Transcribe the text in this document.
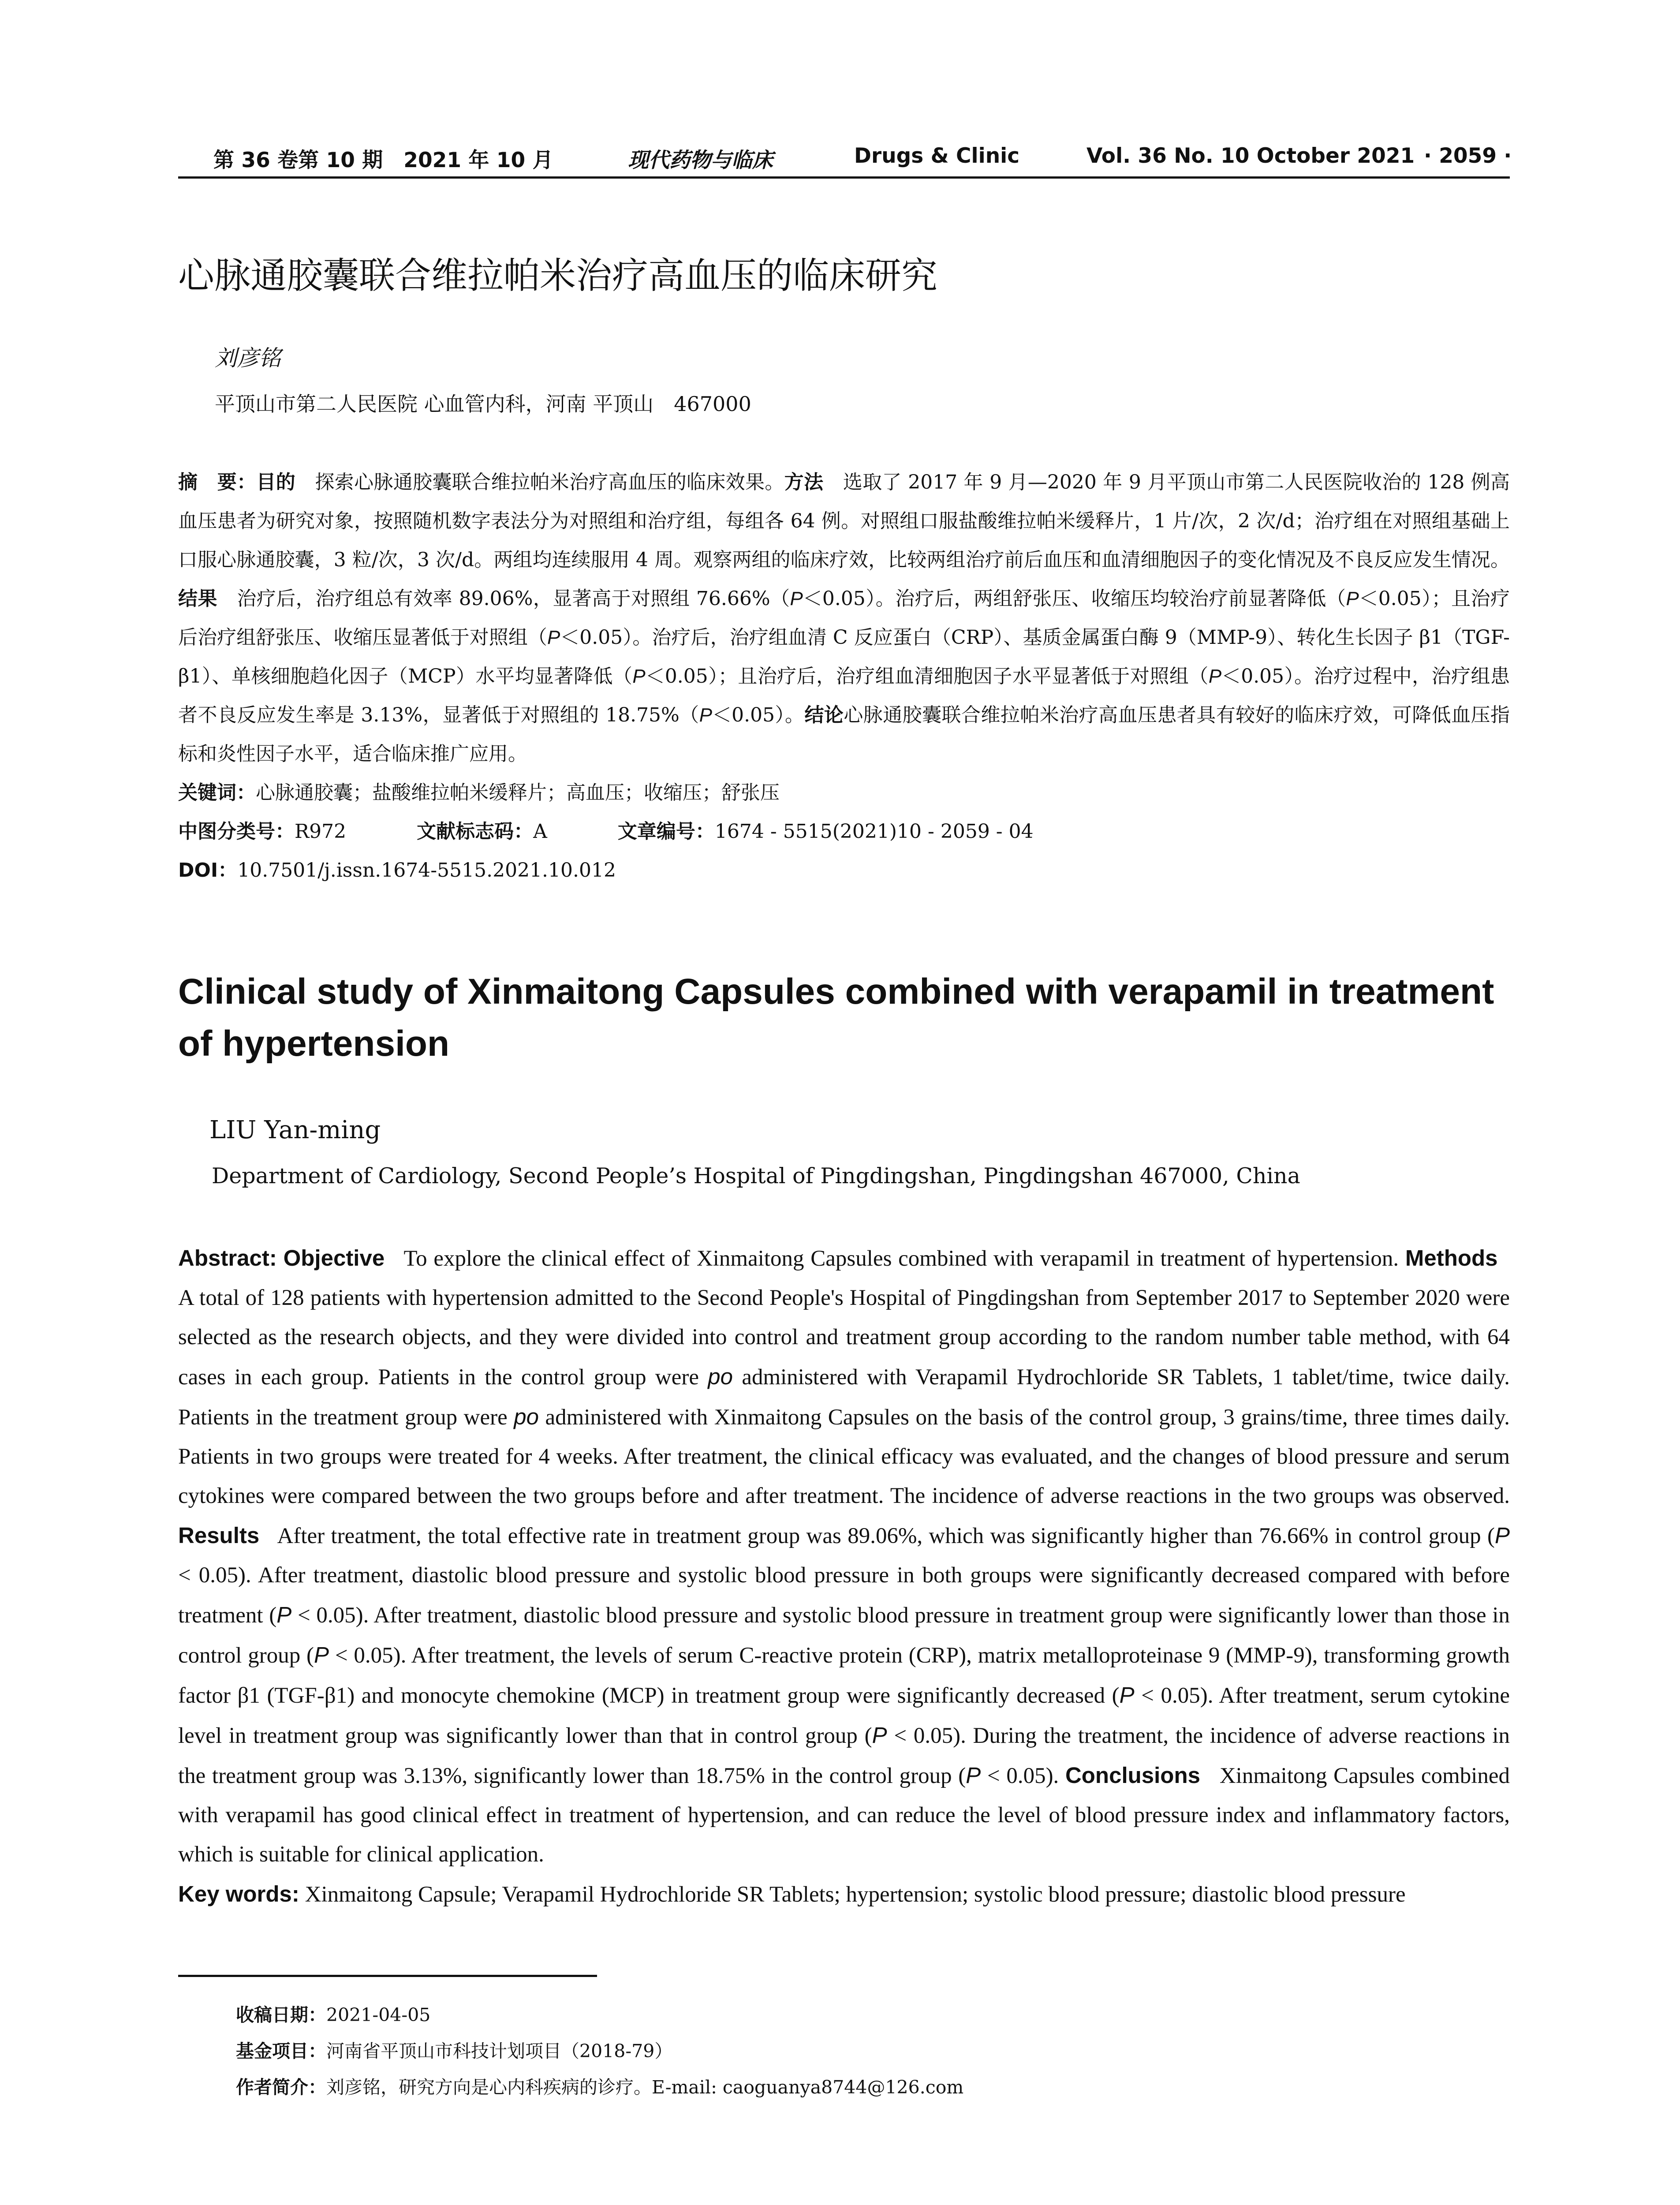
第 36 卷第 10 期　2021 年 10 月	现代药物与临床	Drugs & Clinic	Vol. 36 No. 10 October 2021 · 2059 ·
心脉通胶囊联合维拉帕米治疗高血压的临床研究
刘彦铭
平顶山市第二人民医院 心血管内科，河南 平顶山　467000

摘　要：目的　 探索心脉通胶囊联合维拉帕米治疗高血压的临床效果。方法　 选取了 2017 年 9 月—2020 年 9 月平顶山市第二人民医院收治的 128 例高血压患者为研究对象，按照随机数字表法分为对照组和治疗组，每组各 64 例。对照组口服盐酸维拉帕米缓释片，1 片/次，2 次/d；治疗组在对照组基础上口服心脉通胶囊，3 粒/次，3 次/d。两组均连续服用 4 周。观察两组的临床疗效，比较两组治疗前后血压和血清细胞因子的变化情况及不良反应发生情况。结果　 治疗后，治疗组总有效率 89.06%，显著高于对照组 76.66%（P＜0.05）。治疗后，两组舒张压、收缩压均较治疗前显著降低（P＜0.05）；且治疗后治疗组舒张压、收缩压显著低于对照组（P＜0.05）。治疗后，治疗组血清 C 反应蛋白（CRP）、基质金属蛋白酶 9（MMP-9）、转化生长因子 β1（TGF-β1）、单核细胞趋化因子（MCP）水平均显著降低（P＜0.05）；且治疗后，治疗组血清细胞因子水平显著低于对照组（P＜0.05）。治疗过程中，治疗组患者不良反应发生率是 3.13%，显著低于对照组的 18.75%（P＜0.05）。结论心脉通胶囊联合维拉帕米治疗高血压患者具有较好的临床疗效，可降低血压指标和炎性因子水平，适合临床推广应用。

关键词：心脉通胶囊；盐酸维拉帕米缓释片；高血压；收缩压；舒张压

中图分类号：R972	文献标志码：A	文章编号：1674 - 5515(2021)10 - 2059 - 04

DOI：10.7501/j.issn.1674-5515.2021.10.012

Clinical study of Xinmaitong Capsules combined with verapamil in treatment of hypertension
LIU Yan-ming
Department of Cardiology, Second People’s Hospital of Pingdingshan, Pingdingshan 467000, China

Abstract: Objective To explore the clinical effect of Xinmaitong Capsules combined with verapamil in treatment of hypertension. Methods   A total of 128 patients with hypertension admitted to the Second People's Hospital of Pingdingshan from September 2017 to September 2020 were selected as the research objects, and they were divided into control and treatment group according to the random number table method, with 64 cases in each group. Patients in the control group were po administered with Verapamil Hydrochloride SR Tablets, 1 tablet/time, twice daily. Patients in the treatment group were po administered with Xinmaitong Capsules on the basis of the control group, 3 grains/time, three times daily. Patients in two groups were treated for 4 weeks. After treatment, the clinical efficacy was evaluated, and the changes of blood pressure and serum cytokines were compared between the two groups before and after treatment. The incidence of adverse reactions in the two groups was observed. Results After treatment, the total effective rate in treatment group was 89.06%, which was significantly higher than 76.66% in control group (P < 0.05). After treatment, diastolic blood pressure and systolic blood pressure in both groups were significantly decreased compared with before treatment (P < 0.05). After treatment, diastolic blood pressure and systolic blood pressure in treatment group were significantly lower than those in control group (P < 0.05). After treatment, the levels of serum C-reactive protein (CRP), matrix metalloproteinase 9 (MMP-9), transforming growth factor β1 (TGF-β1) and monocyte chemokine (MCP) in treatment group were significantly decreased (P < 0.05). After treatment, serum cytokine level in treatment group was significantly lower than that in control group (P < 0.05). During the treatment, the incidence of adverse reactions in the treatment group was 3.13%, significantly lower than 18.75% in the control group (P < 0.05). Conclusions Xinmaitong Capsules combined with verapamil has good clinical effect in treatment of hypertension, and can reduce the level of blood pressure index and inflammatory factors, which is suitable for clinical application.

Key words: Xinmaitong Capsule; Verapamil Hydrochloride SR Tablets; hypertension; systolic blood pressure; diastolic blood pressure

收稿日期：2021-04-05
基金项目：河南省平顶山市科技计划项目（2018-79）
作者简介：刘彦铭，研究方向是心内科疾病的诊疗。E-mail: caoguanya8744@126.com
